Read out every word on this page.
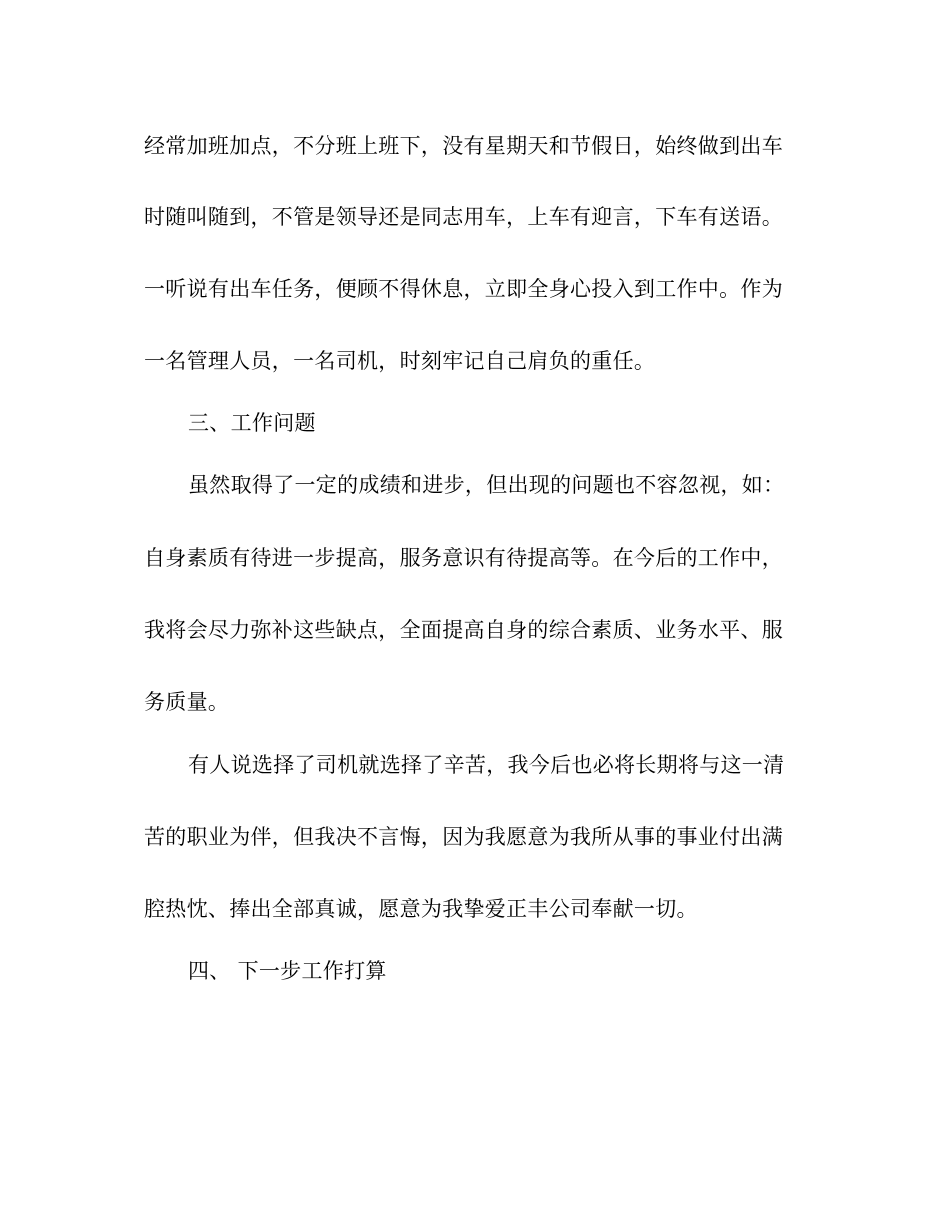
经常加班加点，不分班上班下，没有星期天和节假日，始终做到出车
时随叫随到，不管是领导还是同志用车，上车有迎言，下车有送语。
一听说有出车任务，便顾不得休息，立即全身心投入到工作中。作为
一名管理人员，一名司机，时刻牢记自己肩负的重任。
三、工作问题
虽然取得了一定的成绩和进步，但出现的问题也不容忽视，如：
自身素质有待进一步提高，服务意识有待提高等。在今后的工作中，
我将会尽力弥补这些缺点，全面提高自身的综合素质、业务水平、服
务质量。
有人说选择了司机就选择了辛苦，我今后也必将长期将与这一清
苦的职业为伴，但我决不言悔，因为我愿意为我所从事的事业付出满
腔热忱、捧出全部真诚，愿意为我挚爱正丰公司奉献一切。
四、 下一步工作打算
